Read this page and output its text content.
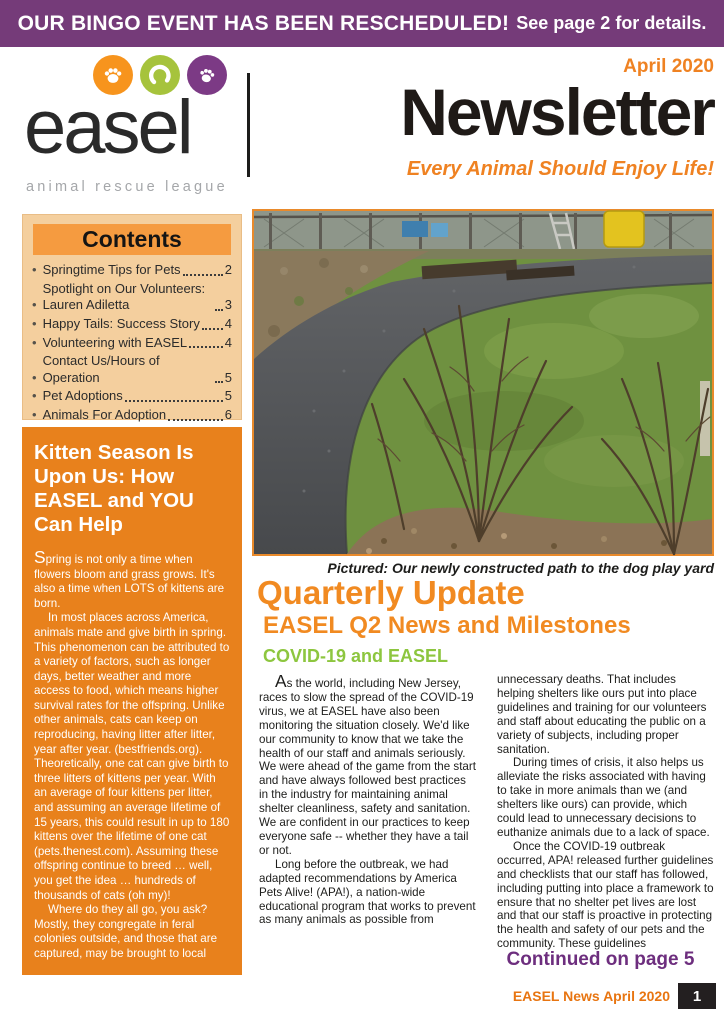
OUR BINGO EVENT HAS BEEN RESCHEDULED! See page 2 for details.
easel
animal rescue league
April 2020
Newsletter
Every Animal Should Enjoy Life!
Contents
• Springtime Tips for Pets	2
•
Spotlight on Our Volunteers: Lauren Adiletta	3
• Happy Tails: Success Story 4
• Volunteering with EASEL	4
•
Contact Us/Hours of Operation	5
• Pet Adoptions	5
• Animals For Adoption	6
Kitten Season Is Upon Us: How EASEL and YOU Can Help

Spring is not only a time when flowers bloom and grass grows. It's also a time when LOTS of kittens are born.

In most places across America, animals mate and give birth in spring. This phenomenon can be attributed to a variety of factors, such as longer days, better weather and more access to food, which means higher survival rates for the offspring. Unlike other animals, cats can keep on reproducing, having litter after litter, year after year. (bestfriends.org). Theoretically, one cat can give birth to three litters of kittens per year. With an average of four kittens per litter, and assuming an average lifetime of 15 years, this could result in up to 180 kittens over the lifetime of one cat (pets.thenest.com). Assuming these offspring continue to breed … well, you get the idea … hundreds of thousands of cats (oh my)!

Where do they all go, you ask? Mostly, they congregate in feral colonies outside, and those that are captured, may be brought to local

Continued on page 7
Pictured: Our newly constructed path to the dog play yard
Quarterly Update
EASEL Q2 News and Milestones
COVID-19 and EASEL

As the world, including New Jersey, races to slow the spread of the COVID-19 virus, we at EASEL have also been monitoring the situation closely. We'd like our community to know that we take the health of our staff and animals seriously. We were ahead of the game from the start and have always followed best practices in the industry for maintaining animal shelter cleanliness, safety and sanitation. We are confident in our practices to keep everyone safe -- whether they have a tail or not.

Long before the outbreak, we had adapted recommendations by America Pets Alive! (APA!), a nation-wide educational program that works to prevent as many animals as possible from

unnecessary deaths. That includes helping shelters like ours put into place guidelines and training for our volunteers and staff about educating the public on a variety of subjects, including proper sanitation.

During times of crisis, it also helps us alleviate the risks associated with having to take in more animals than we (and shelters like ours) can provide, which could lead to unnecessary decisions to euthanize animals due to a lack of space.

Once the COVID-19 outbreak occurred, APA! released further guidelines and checklists that our staff has followed, including putting into place a framework to ensure that no shelter pet lives are lost and that our staff is proactive in protecting the health and safety of our pets and the community. These guidelines

Continued on page 5
EASEL News April 2020	1
